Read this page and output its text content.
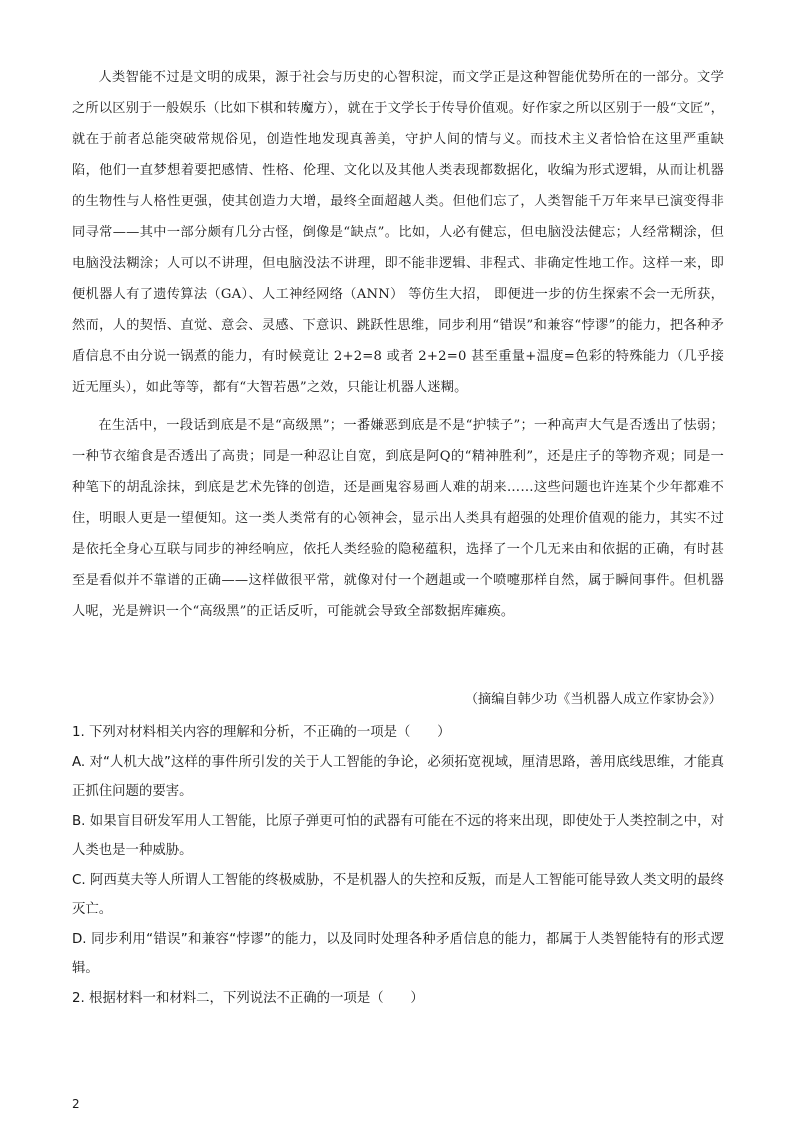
人类智能不过是文明的成果，源于社会与历史的心智积淀，而文学正是这种智能优势所在的一部分。文学之所以区别于一般娱乐（比如下棋和转魔方），就在于文学长于传导价值观。好作家之所以区别于一般“文匠”，就在于前者总能突破常规俗见，创造性地发现真善美，守护人间的情与义。而技术主义者恰恰在这里严重缺陷，他们一直梦想着要把感情、性格、伦理、文化以及其他人类表现都数据化，收编为形式逻辑，从而让机器的生物性与人格性更强，使其创造力大增，最终全面超越人类。但他们忘了，人类智能千万年来早已演变得非同寻常——其中一部分颇有几分古怪，倒像是“缺点”。比如，人必有健忘，但电脑没法健忘；人经常糊涂，但电脑没法糊涂；人可以不讲理，但电脑没法不讲理，即不能非逻辑、非程式、非确定性地工作。这样一来，即便机器人有了遗传算法（GA）、人工神经网络（ANN） 等仿生大招， 即便进一步的仿生探索不会一无所获，然而，人的契悟、直觉、意会、灵感、下意识、跳跃性思维，同步利用“错误”和兼容“悖谬”的能力，把各种矛盾信息不由分说一锅煮的能力，有时候竟让 2+2=8 或者 2+2=0 甚至重量+温度=色彩的特殊能力（几乎接近无厘头），如此等等，都有“大智若愚”之效，只能让机器人迷糊。

在生活中，一段话到底是不是“高级黑”；一番嫌恶到底是不是“护犊子”；一种高声大气是否透出了怯弱；一种节衣缩食是否透出了高贵；同是一种忍让自宽，到底是阿Q的“精神胜利”，还是庄子的等物齐观；同是一种笔下的胡乱涂抹，到底是艺术先锋的创造，还是画鬼容易画人难的胡来……这些问题也许连某个少年都难不住，明眼人更是一望便知。这一类人类常有的心领神会，显示出人类具有超强的处理价值观的能力，其实不过是依托全身心互联与同步的神经响应，依托人类经验的隐秘蕴积，选择了一个几无来由和依据的正确，有时甚至是看似并不靠谱的正确——这样做很平常，就像对付一个趔趄或一个喷嚏那样自然，属于瞬间事件。但机器人呢，光是辨识一个“高级黑”的正话反听，可能就会导致全部数据库瘫痪。

（摘编自韩少功《当机器人成立作家协会》）
1. 下列对材料相关内容的理解和分析，不正确的一项是（　　）
A. 对“人机大战”这样的事件所引发的关于人工智能的争论，必须拓宽视域，厘清思路，善用底线思维，才能真正抓住问题的要害。
B. 如果盲目研发军用人工智能，比原子弹更可怕的武器有可能在不远的将来出现，即使处于人类控制之中，对人类也是一种威胁。
C. 阿西莫夫等人所谓人工智能的终极威胁，不是机器人的失控和反叛，而是人工智能可能导致人类文明的最终灭亡。
D. 同步利用“错误”和兼容“悖谬”的能力，以及同时处理各种矛盾信息的能力，都属于人类智能特有的形式逻辑。
2. 根据材料一和材料二，下列说法不正确的一项是（　　）
2
